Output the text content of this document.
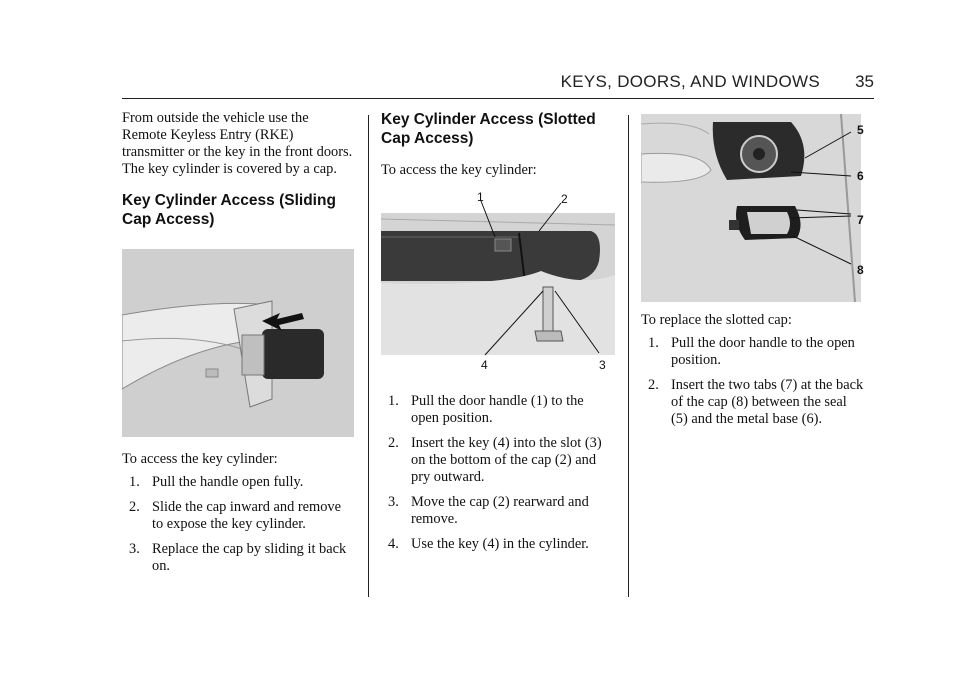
KEYS, DOORS, AND WINDOWS 35

From outside the vehicle use the Remote Keyless Entry (RKE) transmitter or the key in the front doors. The key cylinder is covered by a cap.

Key Cylinder Access (Sliding Cap Access)

To access the key cylinder:

1. Pull the handle open fully.
2. Slide the cap inward and remove to expose the key cylinder.
3. Replace the cap by sliding it back on.
Key Cylinder Access (Slotted Cap Access)

To access the key cylinder:

1	2
3
4
1. Pull the door handle (1) to the open position.
2. Insert the key (4) into the slot (3) on the bottom of the cap (2) and pry outward.
3. Move the cap (2) rearward and remove.
4. Use the key (4) in the cylinder.
5
6
7
8

To replace the slotted cap:

1. Pull the door handle to the open position.
2. Insert the two tabs (7) at the back of the cap (8) between the seal (5) and the metal base (6).
